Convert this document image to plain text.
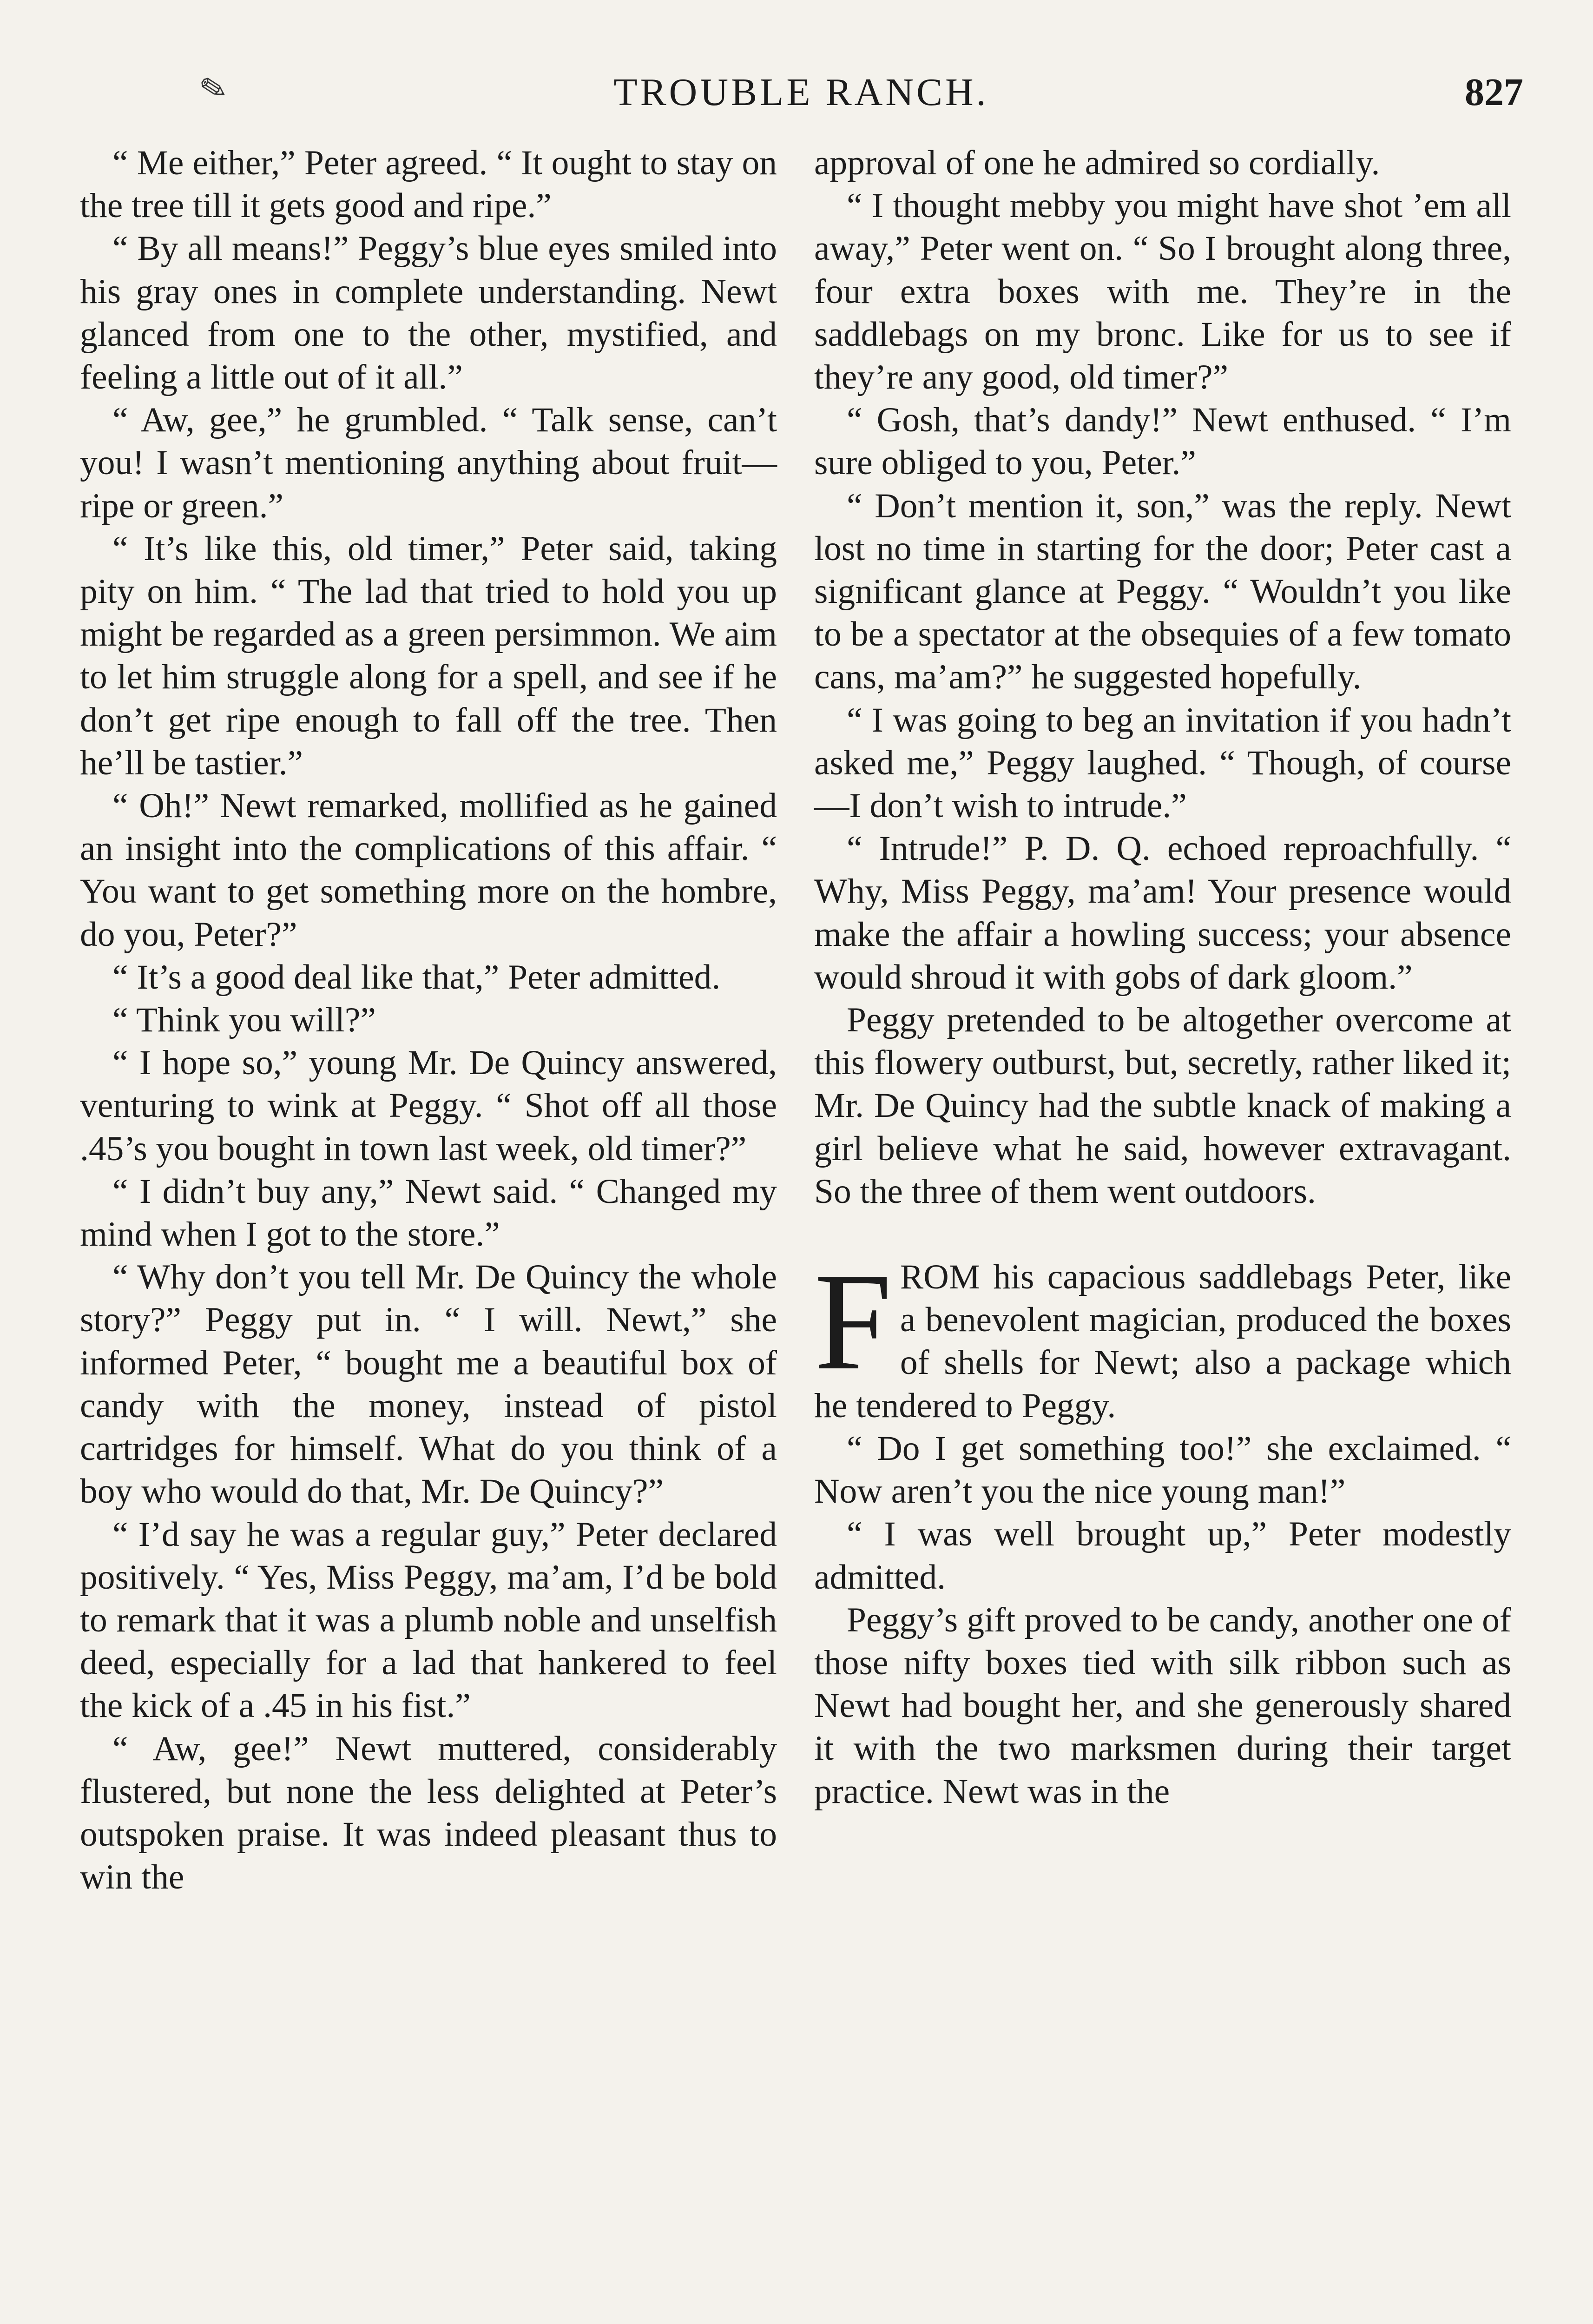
✎	TROUBLE RANCH.	827

“ Me either,” Peter agreed. “ It ought to stay on the tree till it gets good and ripe.”

“ By all means!” Peggy’s blue eyes smiled into his gray ones in complete understanding. Newt glanced from one to the other, mystified, and feeling a little out of it all.”

“ Aw, gee,” he grumbled. “ Talk sense, can’t you! I wasn’t mentioning anything about fruit—ripe or green.”

“ It’s like this, old timer,” Peter said, taking pity on him. “ The lad that tried to hold you up might be regarded as a green persimmon. We aim to let him struggle along for a spell, and see if he don’t get ripe enough to fall off the tree. Then he’ll be tastier.”

“ Oh!” Newt remarked, mollified as he gained an insight into the complications of this affair. “ You want to get something more on the hombre, do you, Peter?”

“ It’s a good deal like that,” Peter admitted.

“ Think you will?”

“ I hope so,” young Mr. De Quincy answered, venturing to wink at Peggy. “ Shot off all those .45’s you bought in town last week, old timer?”

“ I didn’t buy any,” Newt said. “ Changed my mind when I got to the store.”

“ Why don’t you tell Mr. De Quincy the whole story?” Peggy put in. “ I will. Newt,” she informed Peter, “ bought me a beautiful box of candy with the money, instead of pistol cartridges for himself. What do you think of a boy who would do that, Mr. De Quincy?”

“ I’d say he was a regular guy,” Peter declared positively. “ Yes, Miss Peggy, ma’am, I’d be bold to remark that it was a plumb noble and unselfish deed, especially for a lad that hankered to feel the kick of a .45 in his fist.”

“ Aw, gee!” Newt muttered, considerably flustered, but none the less delighted at Peter’s outspoken praise. It was indeed pleasant thus to win the

approval of one he admired so cordially.

“ I thought mebby you might have shot ’em all away,” Peter went on. “ So I brought along three, four extra boxes with me. They’re in the saddlebags on my bronc. Like for us to see if they’re any good, old timer?”

“ Gosh, that’s dandy!” Newt enthused. “ I’m sure obliged to you, Peter.”

“ Don’t mention it, son,” was the reply. Newt lost no time in starting for the door; Peter cast a significant glance at Peggy. “ Wouldn’t you like to be a spectator at the obsequies of a few tomato cans, ma’am?” he suggested hopefully.

“ I was going to beg an invitation if you hadn’t asked me,” Peggy laughed. “ Though, of course—I don’t wish to intrude.”

“ Intrude!” P. D. Q. echoed reproachfully. “ Why, Miss Peggy, ma’am! Your presence would make the affair a howling success; your absence would shroud it with gobs of dark gloom.”

Peggy pretended to be altogether overcome at this flowery outburst, but, secretly, rather liked it; Mr. De Quincy had the subtle knack of making a girl believe what he said, however extravagant. So the three of them went outdoors.

FROM his capacious saddlebags Peter, like a benevolent magician, produced the boxes of shells for Newt; also a package which he tendered to Peggy.

“ Do I get something too!” she exclaimed. “ Now aren’t you the nice young man!”

“ I was well brought up,” Peter modestly admitted.

Peggy’s gift proved to be candy, another one of those nifty boxes tied with silk ribbon such as Newt had bought her, and she generously shared it with the two marksmen during their target practice. Newt was in the
